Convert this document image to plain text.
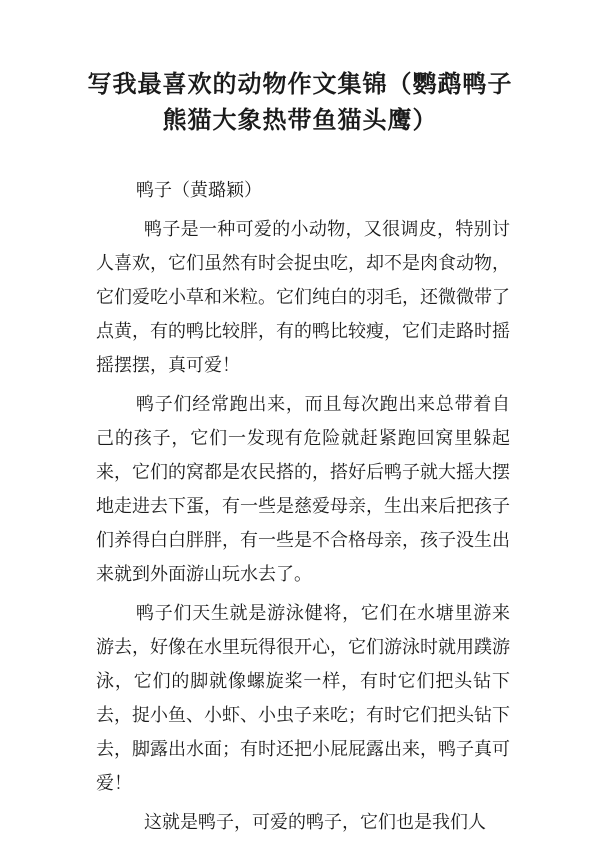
写我最喜欢的动物作文集锦（鹦鹉鸭子熊猫大象热带鱼猫头鹰）

鸭子（黄璐颖）

鸭子是一种可爱的小动物，又很调皮，特别讨人喜欢，它们虽然有时会捉虫吃，却不是肉食动物，它们爱吃小草和米粒。它们纯白的羽毛，还微微带了点黄，有的鸭比较胖，有的鸭比较瘦，它们走路时摇摇摆摆，真可爱！

鸭子们经常跑出来，而且每次跑出来总带着自己的孩子，它们一发现有危险就赶紧跑回窝里躲起来，它们的窝都是农民搭的，搭好后鸭子就大摇大摆地走进去下蛋，有一些是慈爱母亲，生出来后把孩子们养得白白胖胖，有一些是不合格母亲，孩子没生出来就到外面游山玩水去了。

鸭子们天生就是游泳健将，它们在水塘里游来游去，好像在水里玩得很开心，它们游泳时就用蹼游泳，它们的脚就像螺旋桨一样，有时它们把头钻下去，捉小鱼、小虾、小虫子来吃；有时它们把头钻下去，脚露出水面；有时还把小屁屁露出来，鸭子真可爱！

这就是鸭子，可爱的鸭子，它们也是我们人
